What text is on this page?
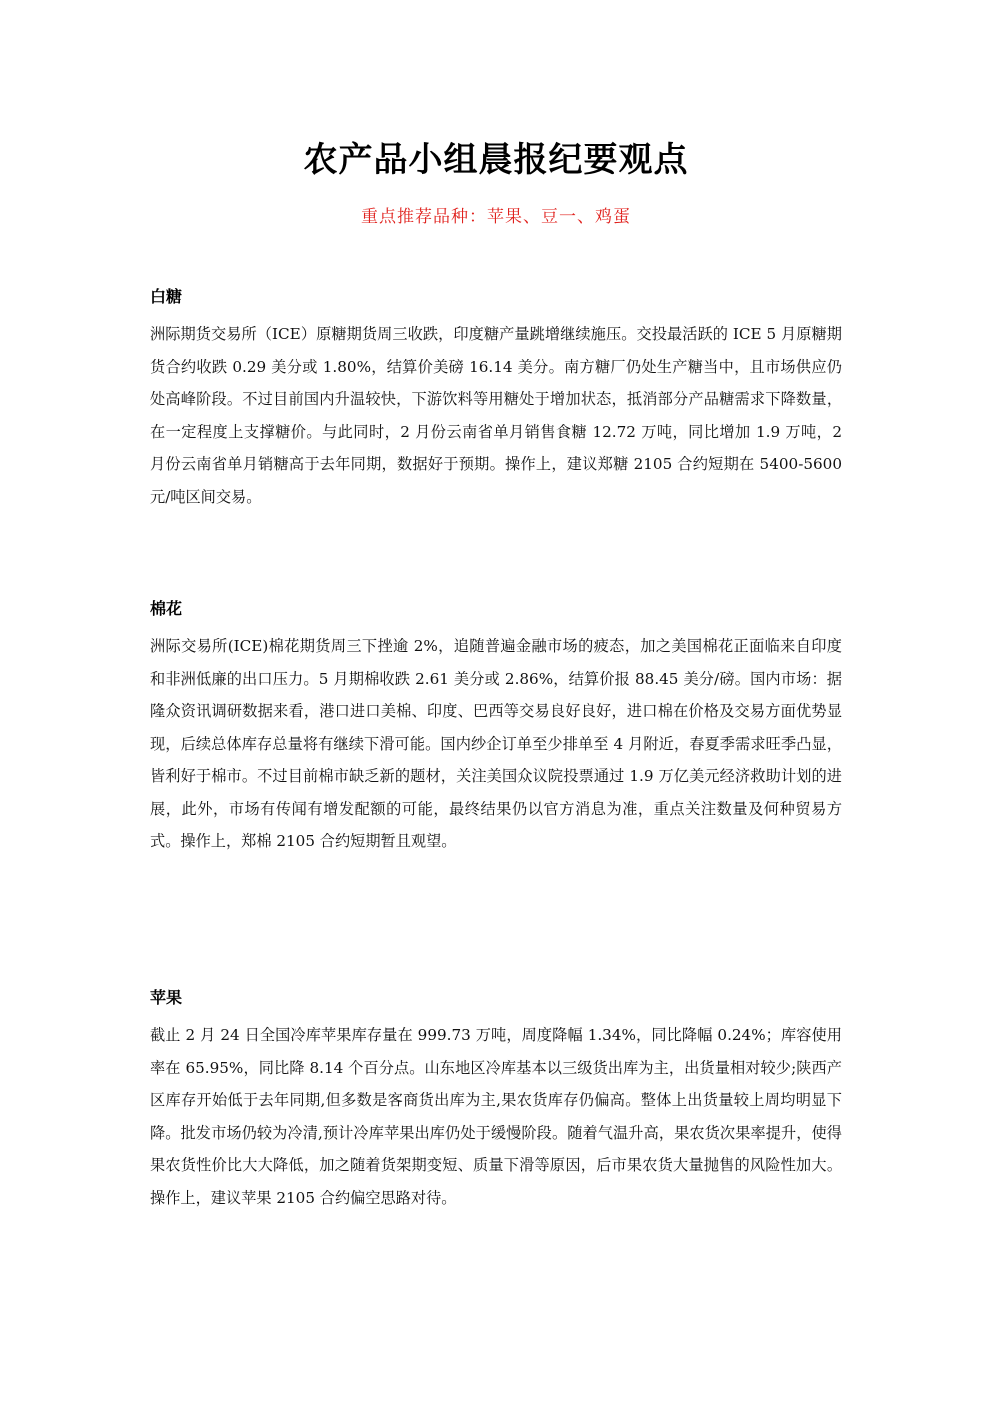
农产品小组晨报纪要观点
重点推荐品种：苹果、豆一、鸡蛋
白糖

洲际期货交易所（ICE）原糖期货周三收跌，印度糖产量跳增继续施压。交投最活跃的 ICE 5 月原糖期货合约收跌 0.29 美分或 1.80%，结算价美磅 16.14 美分。南方糖厂仍处生产糖当中，且市场供应仍处高峰阶段。不过目前国内升温较快，下游饮料等用糖处于增加状态，抵消部分产品糖需求下降数量，在一定程度上支撑糖价。与此同时，2 月份云南省单月销售食糖 12.72 万吨，同比增加 1.9 万吨，2 月份云南省单月销糖高于去年同期，数据好于预期。操作上，建议郑糖 2105 合约短期在 5400-5600 元/吨区间交易。

棉花

洲际交易所(ICE)棉花期货周三下挫逾 2%，追随普遍金融市场的疲态，加之美国棉花正面临来自印度和非洲低廉的出口压力。5 月期棉收跌 2.61 美分或 2.86%，结算价报 88.45 美分/磅。国内市场：据隆众资讯调研数据来看，港口进口美棉、印度、巴西等交易良好良好，进口棉在价格及交易方面优势显现，后续总体库存总量将有继续下滑可能。国内纱企订单至少排单至 4 月附近，春夏季需求旺季凸显，皆利好于棉市。不过目前棉市缺乏新的题材，关注美国众议院投票通过 1.9 万亿美元经济救助计划的进展，此外，市场有传闻有增发配额的可能，最终结果仍以官方消息为准，重点关注数量及何种贸易方式。操作上，郑棉 2105 合约短期暂且观望。

苹果

截止 2 月 24 日全国冷库苹果库存量在 999.73 万吨，周度降幅 1.34%，同比降幅 0.24%；库容使用率在 65.95%，同比降 8.14 个百分点。山东地区冷库基本以三级货出库为主，出货量相对较少;陕西产区库存开始低于去年同期,但多数是客商货出库为主,果农货库存仍偏高。整体上出货量较上周均明显下降。批发市场仍较为冷清,预计冷库苹果出库仍处于缓慢阶段。随着气温升高，果农货次果率提升，使得果农货性价比大大降低，加之随着货架期变短、质量下滑等原因，后市果农货大量抛售的风险性加大。操作上，建议苹果 2105 合约偏空思路对待。
